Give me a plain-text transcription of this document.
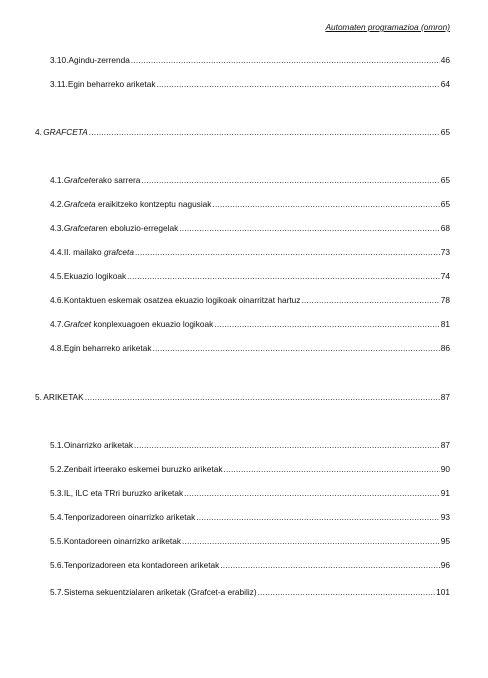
Automaten programazioa (omron)
3.10. Agindu-zerrenda .....	46
3.11. Egin beharreko ariketak .....	64
4. GRAFCETA .....	65
4.1. Grafceterako sarrera .....	65
4.2. Grafceta eraikitzeko kontzeptu nagusiak .....	65
4.3. Grafcetaren eboluzio-erregelak .....	68
4.4. II. mailako grafceta .....	73
4.5. Ekuazio logikoak .....	74
4.6. Kontaktuen eskemak osatzea ekuazio logikoak oinarritzat hartuz .....	78
4.7. Grafcet konplexuagoen ekuazio logikoak .....	81
4.8. Egin beharreko ariketak .....	86
5. ARIKETAK .....	87
5.1. Oinarrizko ariketak .....	87
5.2. Zenbait irteerako eskemei buruzko ariketak .....	90
5.3. IL, ILC eta TRri buruzko ariketak .....	91
5.4. Tenporizadoreen oinarrizko ariketak .....	93
5.5. Kontadoreen oinarrizko ariketak .....	95
5.6. Tenporizadoreen eta kontadoreen ariketak .....	96
5.7. Sistema sekuentzialaren ariketak (Grafcet-a erabiliz) .....	101
